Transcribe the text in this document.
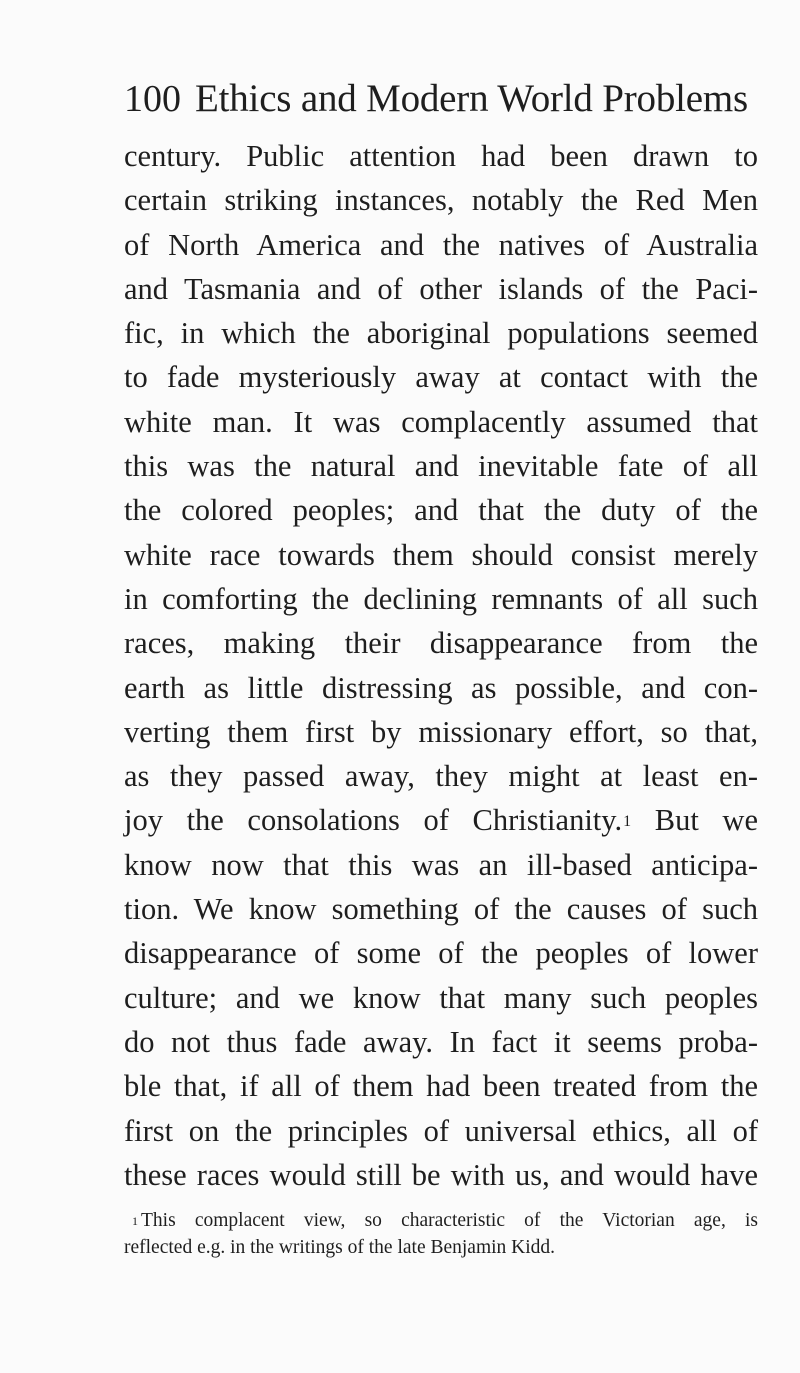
100 Ethics and Modern World Problems
century. Public attention had been drawn to
certain striking instances, notably the Red Men
of North America and the natives of Australia
and Tasmania and of other islands of the Paci-
fic, in which the aboriginal populations seemed
to fade mysteriously away at contact with the
white man. It was complacently assumed that
this was the natural and inevitable fate of all
the colored peoples; and that the duty of the
white race towards them should consist merely
in comforting the declining remnants of all such
races, making their disappearance from the
earth as little distressing as possible, and con-
verting them first by missionary effort, so that,
as they passed away, they might at least en-
joy the consolations of Christianity.$^1$ But we
know now that this was an ill-based anticipa-
tion. We know something of the causes of such
disappearance of some of the peoples of lower
culture; and we know that many such peoples
do not thus fade away. In fact it seems proba-
ble that, if all of them had been treated from the
first on the principles of universal ethics, all of
these races would still be with us, and would have
$^1$ This complacent view, so characteristic of the Victorian age, is
reflected e.g. in the writings of the late Benjamin Kidd.
